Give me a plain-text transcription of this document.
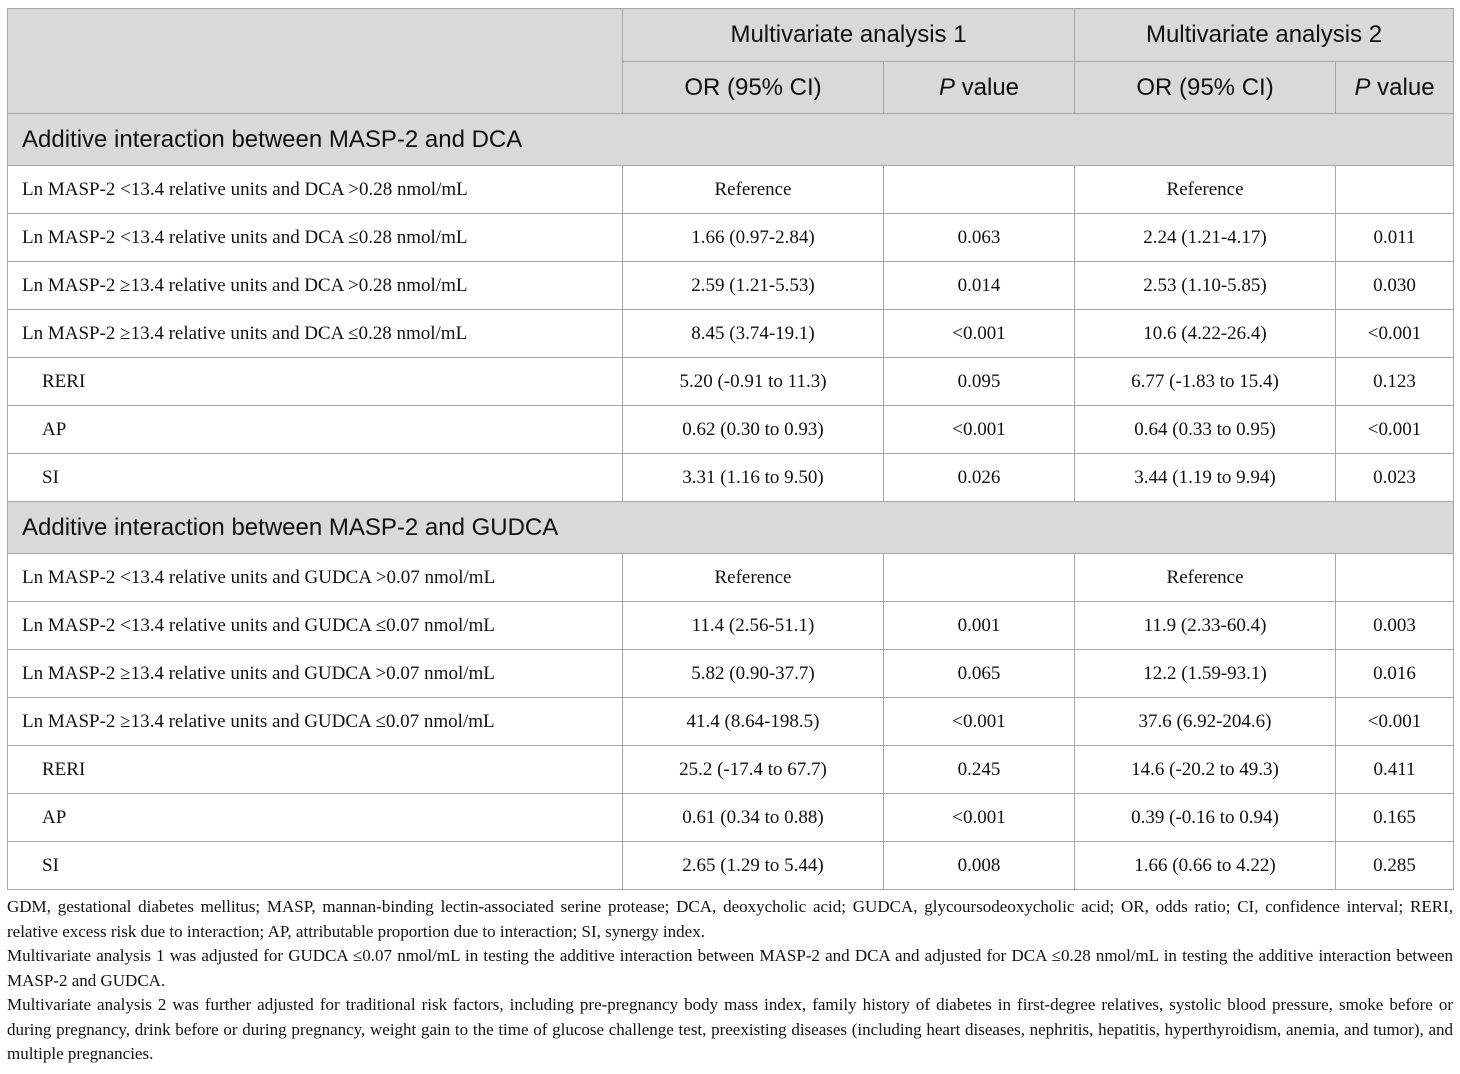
	Multivariate analysis 1		Multivariate analysis 2	
	OR (95% CI)	P value	OR (95% CI)	P value
Additive interaction between MASP-2 and DCA				
Ln MASP-2 <13.4 relative units and DCA >0.28 nmol/mL	Reference		Reference	
Ln MASP-2 <13.4 relative units and DCA ≤0.28 nmol/mL	1.66 (0.97-2.84)	0.063	2.24 (1.21-4.17)	0.011
Ln MASP-2 ≥13.4 relative units and DCA >0.28 nmol/mL	2.59 (1.21-5.53)	0.014	2.53 (1.10-5.85)	0.030
Ln MASP-2 ≥13.4 relative units and DCA ≤0.28 nmol/mL	8.45 (3.74-19.1)	<0.001	10.6 (4.22-26.4)	<0.001
RERI	5.20 (-0.91 to 11.3)	0.095	6.77 (-1.83 to 15.4)	0.123
AP	0.62 (0.30 to 0.93)	<0.001	0.64 (0.33 to 0.95)	<0.001
SI	3.31 (1.16 to 9.50)	0.026	3.44 (1.19 to 9.94)	0.023
Additive interaction between MASP-2 and GUDCA				
Ln MASP-2 <13.4 relative units and GUDCA >0.07 nmol/mL	Reference		Reference	
Ln MASP-2 <13.4 relative units and GUDCA ≤0.07 nmol/mL	11.4 (2.56-51.1)	0.001	11.9 (2.33-60.4)	0.003
Ln MASP-2 ≥13.4 relative units and GUDCA >0.07 nmol/mL	5.82 (0.90-37.7)	0.065	12.2 (1.59-93.1)	0.016
Ln MASP-2 ≥13.4 relative units and GUDCA ≤0.07 nmol/mL	41.4 (8.64-198.5)	<0.001	37.6 (6.92-204.6)	<0.001
RERI	25.2 (-17.4 to 67.7)	0.245	14.6 (-20.2 to 49.3)	0.411
AP	0.61 (0.34 to 0.88)	<0.001	0.39 (-0.16 to 0.94)	0.165
SI	2.65 (1.29 to 5.44)	0.008	1.66 (0.66 to 4.22)	0.285

GDM, gestational diabetes mellitus; MASP, mannan-binding lectin-associated serine protease; DCA, deoxycholic acid; GUDCA, glycoursodeoxycholic acid; OR, odds ratio; CI, confidence interval; RERI, relative excess risk due to interaction; AP, attributable proportion due to interaction; SI, synergy index.

Multivariate analysis 1 was adjusted for GUDCA ≤0.07 nmol/mL in testing the additive interaction between MASP-2 and DCA and adjusted for DCA ≤0.28 nmol/mL in testing the additive interaction between MASP-2 and GUDCA.

Multivariate analysis 2 was further adjusted for traditional risk factors, including pre-pregnancy body mass index, family history of diabetes in first-degree relatives, systolic blood pressure, smoke before or during pregnancy, drink before or during pregnancy, weight gain to the time of glucose challenge test, preexisting diseases (including heart diseases, nephritis, hepatitis, hyperthyroidism, anemia, and tumor), and multiple pregnancies.
